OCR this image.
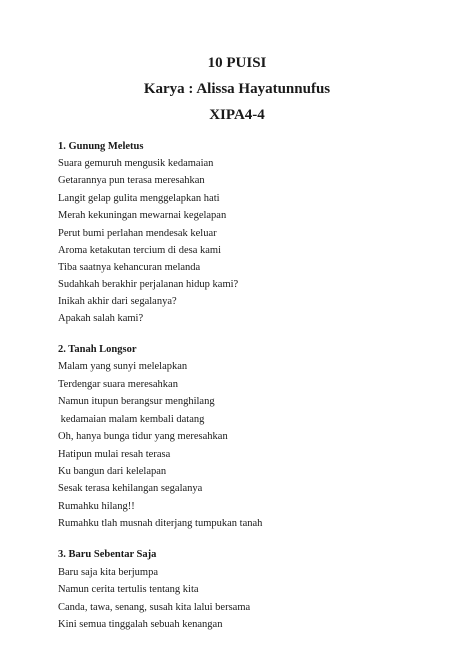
10 PUISI
Karya : Alissa Hayatunnufus
XIPA4-4
1. Gunung Meletus
Suara gemuruh mengusik kedamaian
Getarannya pun terasa meresahkan
Langit gelap gulita menggelapkan hati
Merah kekuningan mewarnai kegelapan
Perut bumi perlahan mendesak keluar
Aroma ketakutan tercium di desa kami
Tiba saatnya kehancuran melanda
Sudahkah berakhir perjalanan hidup kami?
Inikah akhir dari segalanya?
Apakah salah kami?
2. Tanah Longsor
Malam yang sunyi melelapkan
Terdengar suara meresahkan
Namun itupun berangsur menghilang
kedamaian malam kembali datang
Oh, hanya bunga tidur yang meresahkan
Hatipun mulai resah terasa
Ku bangun dari kelelapan
Sesak terasa kehilangan segalanya
Rumahku hilang!!
Rumahku tlah musnah diterjang tumpukan tanah
3. Baru Sebentar Saja
Baru saja kita berjumpa
Namun cerita tertulis tentang kita
Canda, tawa, senang, susah kita lalui bersama
Kini semua tinggalah sebuah kenangan
